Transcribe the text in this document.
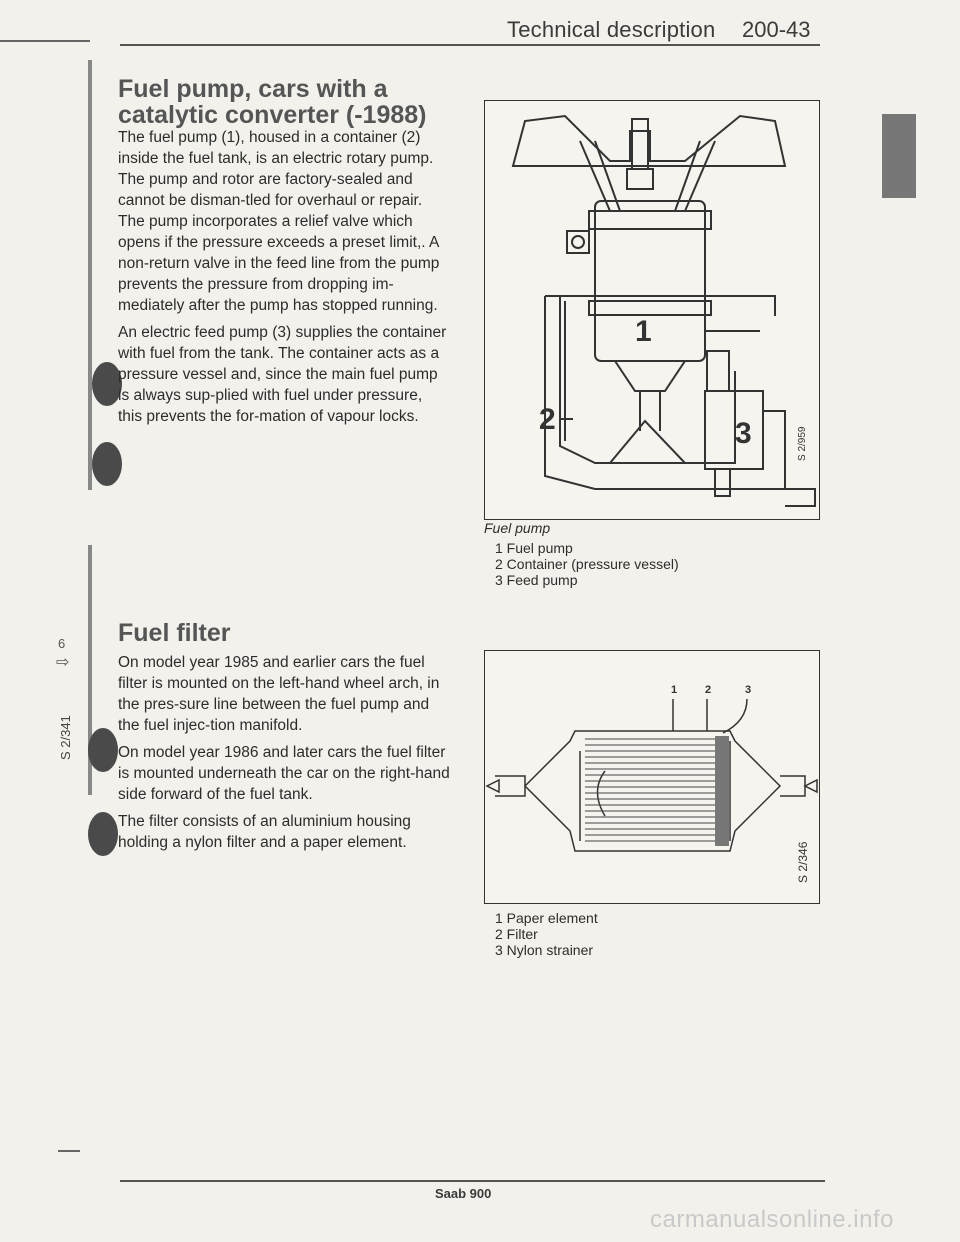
Technical description 200-43
6
⇨
S 2/341
Fuel pump, cars with a catalytic converter (-1988)

The fuel pump (1), housed in a container (2) inside the fuel tank, is an electric rotary pump. The pump and rotor are factory-sealed and cannot be disman-tled for overhaul or repair. The pump incorporates a relief valve which opens if the pressure exceeds a preset limit,. A non-return valve in the feed line from the pump prevents the pressure from dropping im-mediately after the pump has stopped running.

An electric feed pump (3) supplies the container with fuel from the tank. The container acts as a pressure vessel and, since the main fuel pump is always sup-plied with fuel under pressure, this prevents the for-mation of vapour locks.

Fuel filter

On model year 1985 and earlier cars the fuel filter is mounted on the left-hand wheel arch, in the pres-sure line between the fuel pump and the fuel injec-tion manifold.

On model year 1986 and later cars the fuel filter is mounted underneath the car on the right-hand side forward of the fuel tank.

The filter consists of an aluminium housing holding a nylon filter and a paper element.

1
2	3	S 2/959
Fuel pump
1 Fuel pump
2 Container (pressure vessel)
3 Feed pump
1	2	3
S 2/346
1 Paper element
2 Filter
3 Nylon strainer
Saab 900
carmanualsonline.info
